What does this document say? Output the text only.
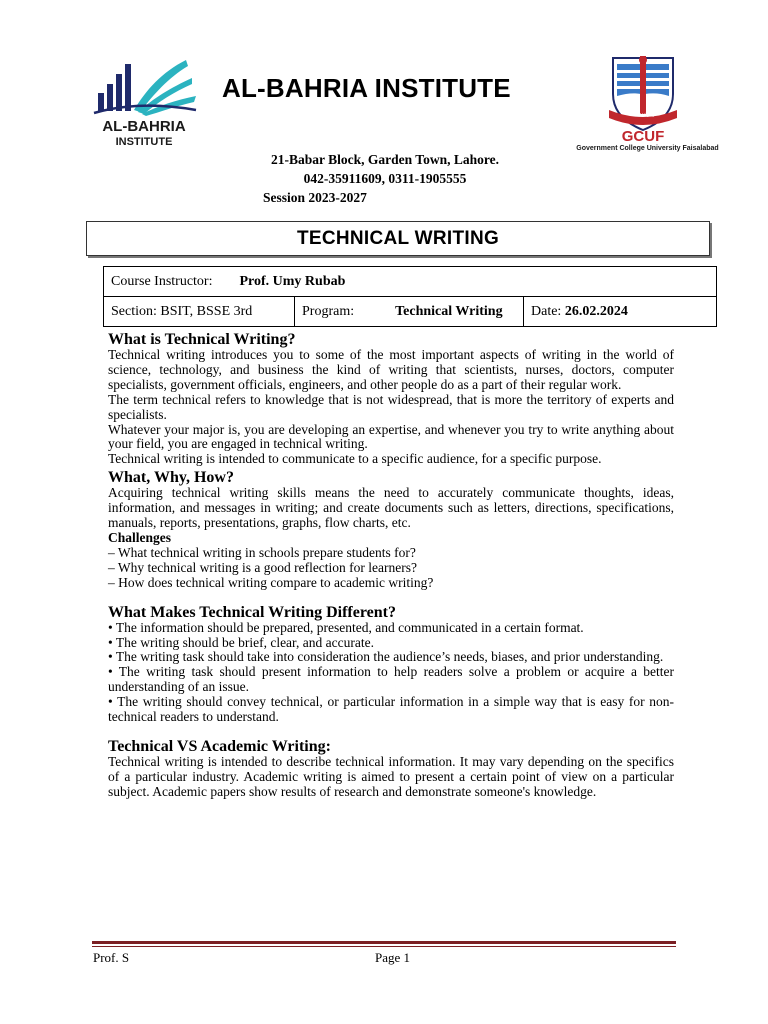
AL-BAHRIA
INSTITUTE
AL-BAHRIA INSTITUTE
21-Babar Block, Garden Town, Lahore.
042-35911609, 0311-1905555
Session 2023-2027
Most Highly
GCUF
Government College University Faisalabad
TECHNICAL WRITING
Course Instructor: Prof. Umy Rubab
Section: BSIT, BSSE 3rd	Program:	Technical Writing	Date: 26.02.2024
What is Technical Writing?

Technical writing introduces you to some of the most important aspects of writing in the world of science, technology, and business the kind of writing that scientists, nurses, doctors, computer specialists, government officials, engineers, and other people do as a part of their regular work.

The term technical refers to knowledge that is not widespread, that is more the territory of experts and specialists.

Whatever your major is, you are developing an expertise, and whenever you try to write anything about your field, you are engaged in technical writing.

Technical writing is intended to communicate to a specific audience, for a specific purpose.

What, Why, How?

Acquiring technical writing skills means the need to accurately communicate thoughts, ideas, information, and messages in writing; and create documents such as letters, directions, specifications, manuals, reports, presentations, graphs, flow charts, etc.

Challenges

– What technical writing in schools prepare students for?

– Why technical writing is a good reflection for learners?

– How does technical writing compare to academic writing?

What Makes Technical Writing Different?

• The information should be prepared, presented, and communicated in a certain format.

• The writing should be brief, clear, and accurate.

• The writing task should take into consideration the audience’s needs, biases, and prior understanding.

• The writing task should present information to help readers solve a problem or acquire a better understanding of an issue.

• The writing should convey technical, or particular information in a simple way that is easy for non-technical readers to understand.

Technical VS Academic Writing:

Technical writing is intended to describe technical information. It may vary depending on the specifics of a particular industry. Academic writing is aimed to present a certain point of view on a particular subject. Academic papers show results of research and demonstrate someone's knowledge.

Prof. S	Page 1
